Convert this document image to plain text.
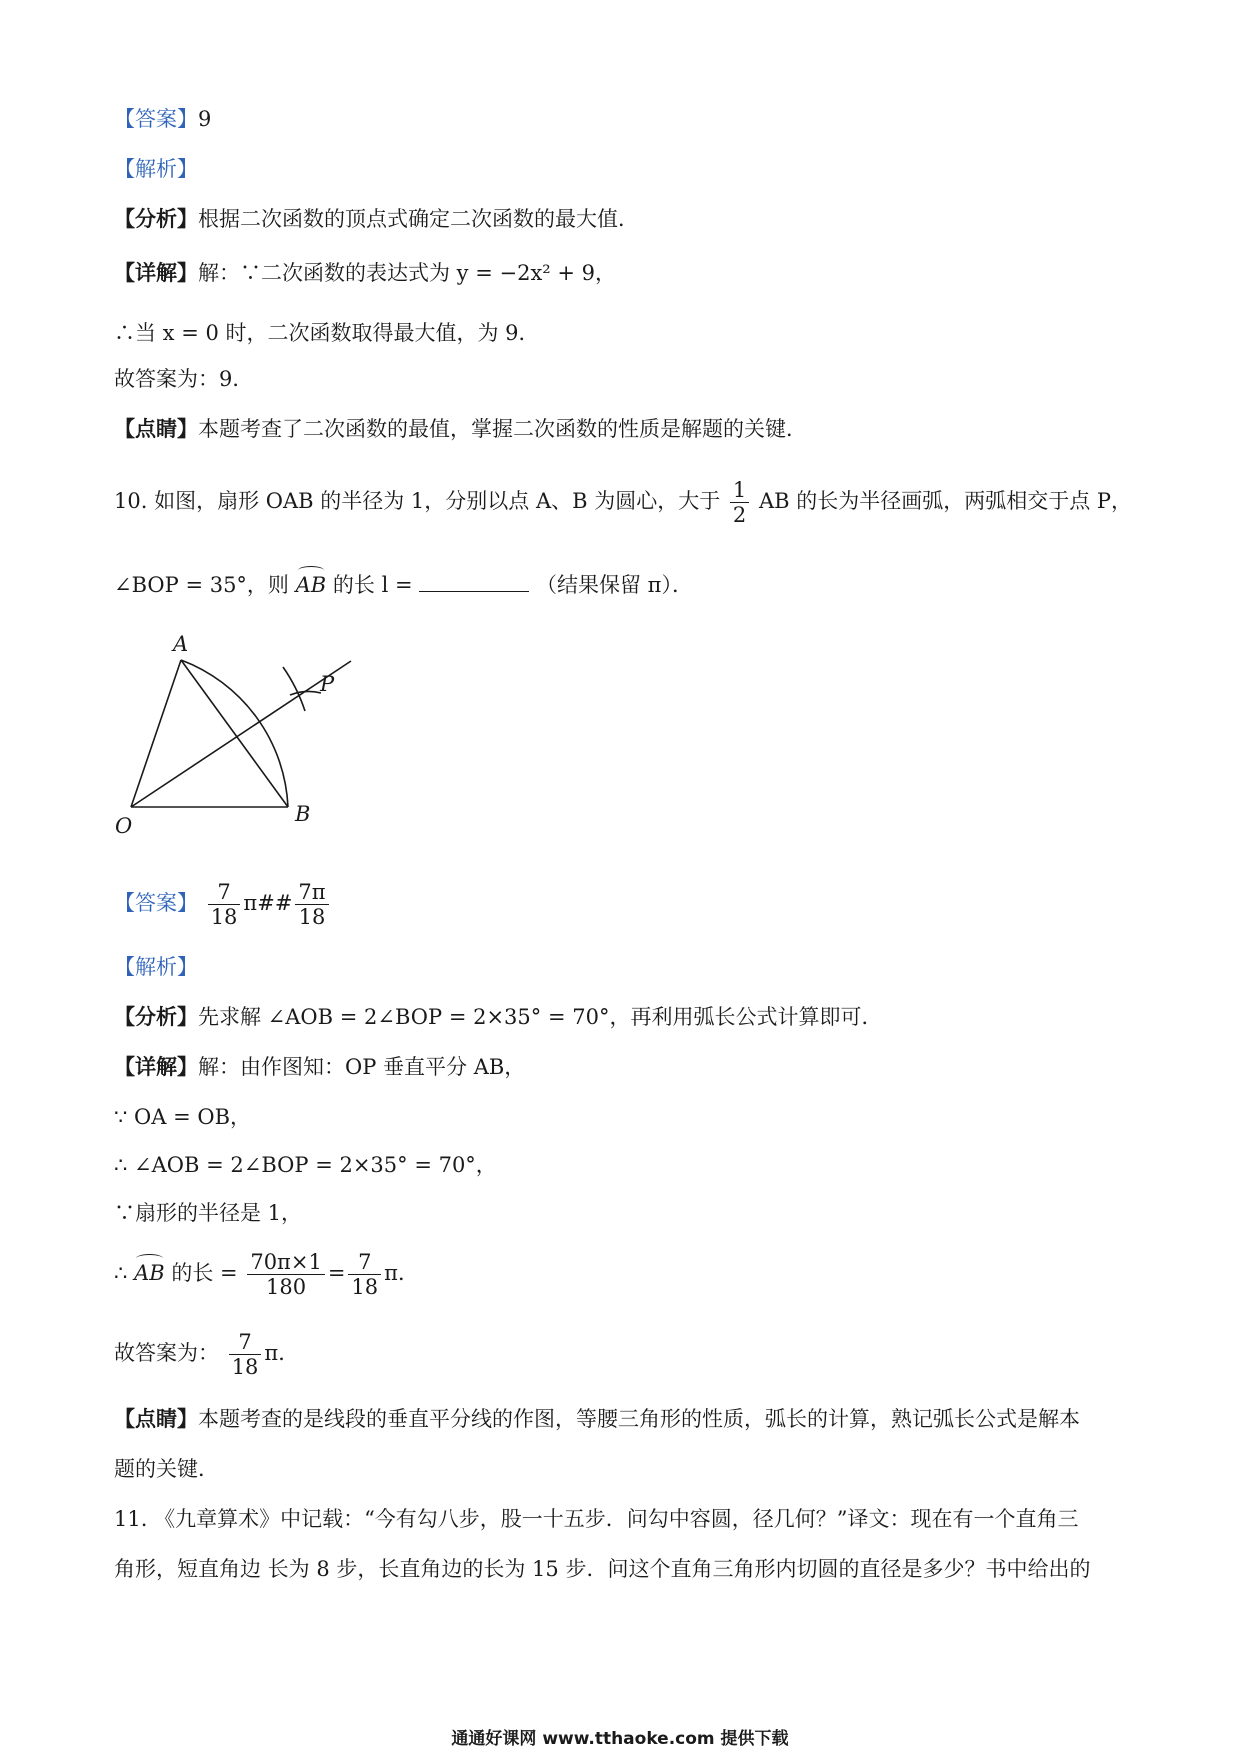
【答案】9
【解析】
【分析】根据二次函数的顶点式确定二次函数的最大值．
【详解】解：∵二次函数的表达式为 y = −2x² + 9，
∴当 x = 0 时，二次函数取得最大值，为 9．
故答案为：9．
【点睛】本题考查了二次函数的最值，掌握二次函数的性质是解题的关键．
10. 如图，扇形 OAB 的半径为 1，分别以点 A、B 为圆心，大于 $\frac{1}{2}$ AB 的长为半径画弧，两弧相交于点 P，
∠BOP = 35°，则 AB 的长 l =	（结果保留 π）．
A
B
O
P
【答案】 $\frac{7}{18}$ π## $\frac{7\pi}{18}$
【解析】
【分析】先求解 ∠AOB = 2∠BOP = 2×35° = 70°，再利用弧长公式计算即可．
【详解】解：由作图知：OP 垂直平分 AB，
∵ OA = OB，
∴ ∠AOB = 2∠BOP = 2×35° = 70°，
∵扇形的半径是 1，
∴ AB 的长 = $\frac{70\pi\times 1}{180} = \frac{7}{18}$ π．
故答案为： $\frac{7}{18}$ π．
【点睛】本题考查的是线段的垂直平分线的作图，等腰三角形的性质，弧长的计算，熟记弧长公式是解本
题的关键．
11. 《九章算术》中记载：“今有勾八步，股一十五步．问勾中容圆，径几何？”译文：现在有一个直角三
角形，短直角边 长为 8 步，长直角边的长为 15 步．问这个直角三角形内切圆的直径是多少？书中给出的
通通好课网 www.tthaoke.com 提供下载
